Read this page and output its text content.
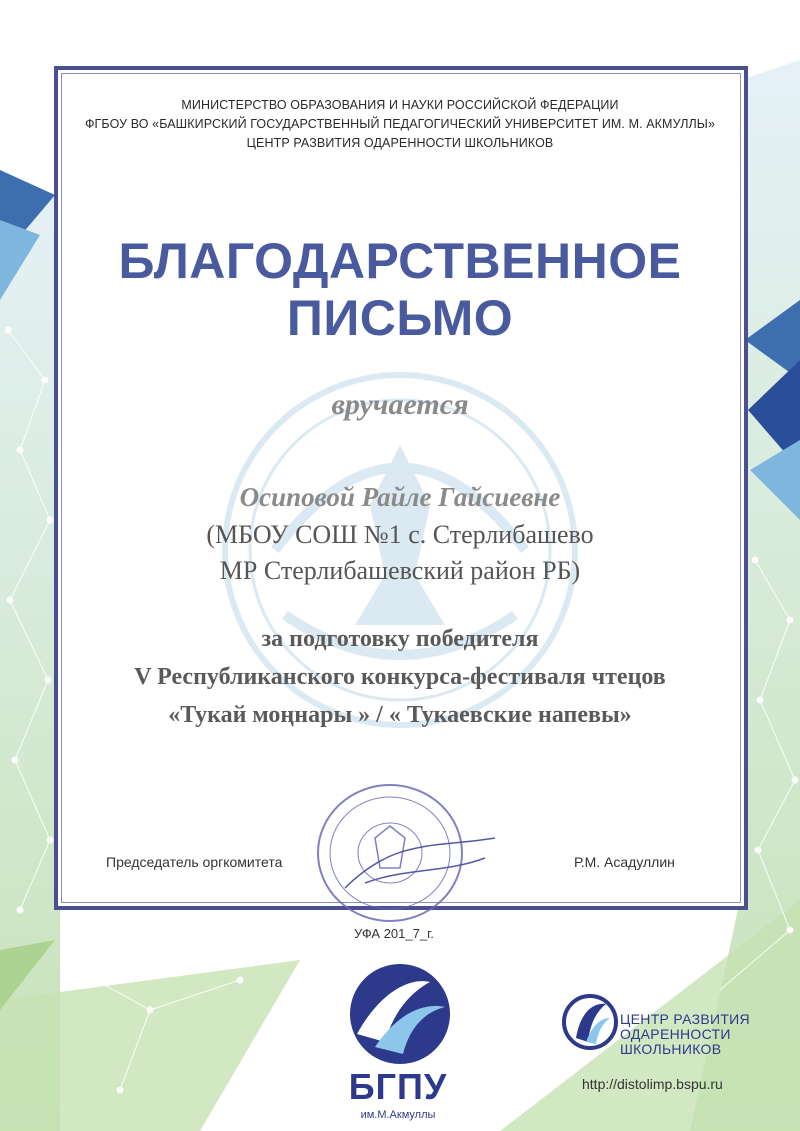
МИНИСТЕРСТВО ОБРАЗОВАНИЯ И НАУКИ РОССИЙСКОЙ ФЕДЕРАЦИИ
ФГБОУ ВО «БАШКИРСКИЙ ГОСУДАРСТВЕННЫЙ ПЕДАГОГИЧЕСКИЙ УНИВЕРСИТЕТ ИМ. М. АКМУЛЛЫ»
ЦЕНТР РАЗВИТИЯ ОДАРЕННОСТИ ШКОЛЬНИКОВ
БЛАГОДАРСТВЕННОЕ
ПИСЬМО
вручается
Осиповой Райле Гайсиевне
(МБОУ СОШ №1 с. Стерлибашево
МР Стерлибашевский район РБ)
за подготовку победителя
V Республиканского конкурса-фестиваля чтецов
«Тукай моңнары » / « Тукаевские напевы»
Председатель оргкомитета	Р.М. Асадуллин
УФА 201_7_г.
БГПУ
им.М.Акмуллы
ЦЕНТР РАЗВИТИЯ
ОДАРЕННОСТИ
ШКОЛЬНИКОВ
http://distolimp.bspu.ru
